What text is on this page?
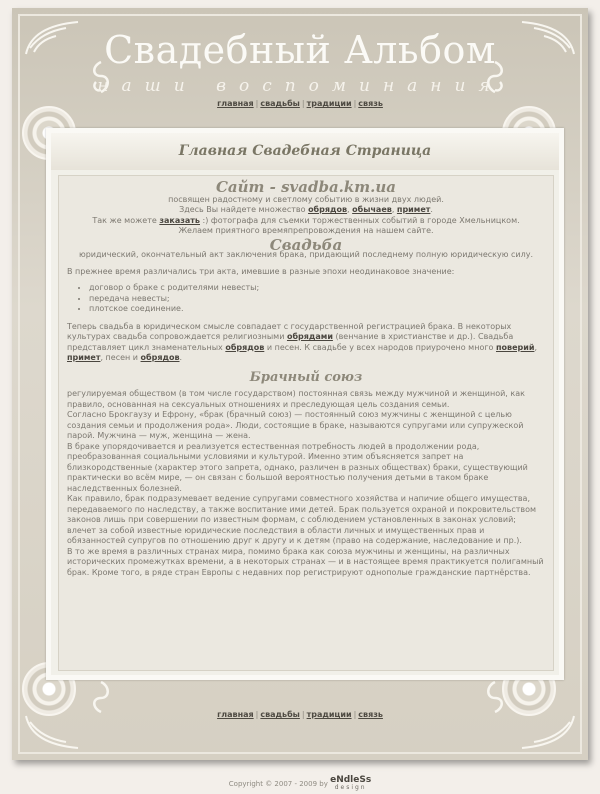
Свадебный Альбом
наши воспоминания
главная | свадьбы | традиции | связь
Главная Свадебная Страница
Сайт - svadba.km.ua
посвящен радостному и светлому событию в жизни двух людей.
Здесь Вы найдете множество обрядов, обычаев, примет.
Так же можете заказать :) фотографа для съемки торжественных событий в городе Хмельницком.
Желаем приятного времяпрепровождения на нашем сайте.
Свадьба
юридический, окончательный акт заключения брака, придающий последнему полную юридическую силу.

В прежнее время различались три акта, имевшие в разные эпохи неодинаковое значение:

• договор о браке с родителями невесты;
• передача невесты;
• плотское соединение.

Теперь свадьба в юридическом смысле совпадает с государственной регистрацией брака. В некоторых культурах свадьба сопровождается религиозными обрядами (венчание в христианстве и др.). Свадьба представляет цикл знаменательных обрядов и песен. К свадьбе у всех народов приурочено много поверий, примет, песен и обрядов.

Брачный союз
регулируемая обществом (в том числе государством) постоянная связь между мужчиной и женщиной, как правило, основанная на сексуальных отношениях и преследующая цель создания семьи.
Согласно Брокгаузу и Ефрону, «брак (брачный союз) — постоянный союз мужчины с женщиной с целью создания семьи и продолжения рода». Люди, состоящие в браке, называются супругами или супружеской парой. Мужчина — муж, женщина — жена.
В браке упорядочивается и реализуется естественная потребность людей в продолжении рода, преобразованная социальными условиями и культурой. Именно этим объясняется запрет на близкородственные (характер этого запрета, однако, различен в разных обществах) браки, существующий практически во всём мире, — он связан с большой вероятностью получения детьми в таком браке наследственных болезней.
Как правило, брак подразумевает ведение супругами совместного хозяйства и напичие общего имущества, передаваемого по наследству, а также воспитание ими детей. Брак пользуется охраной и покровительством законов лишь при совершении по известным формам, с соблюдением установленных в законах условий; влечет за собой известные юридические последствия в области личных и имущественных прав и обязанностей супругов по отношению друг к другу и к детям (право на содержание, наследование и пр.).
В то же время в различных странах мира, помимо брака как союза мужчины и женщины, на различных исторических промежутках времени, а в некоторых странах — и в настоящее время практикуется полигамный брак. Кроме того, в ряде стран Европы с недавних пор регистрируют однополые гражданские партнёрства.
главная | свадьбы | традиции | связь
Copyright © 2007 - 2009 by eNdleSs
design
